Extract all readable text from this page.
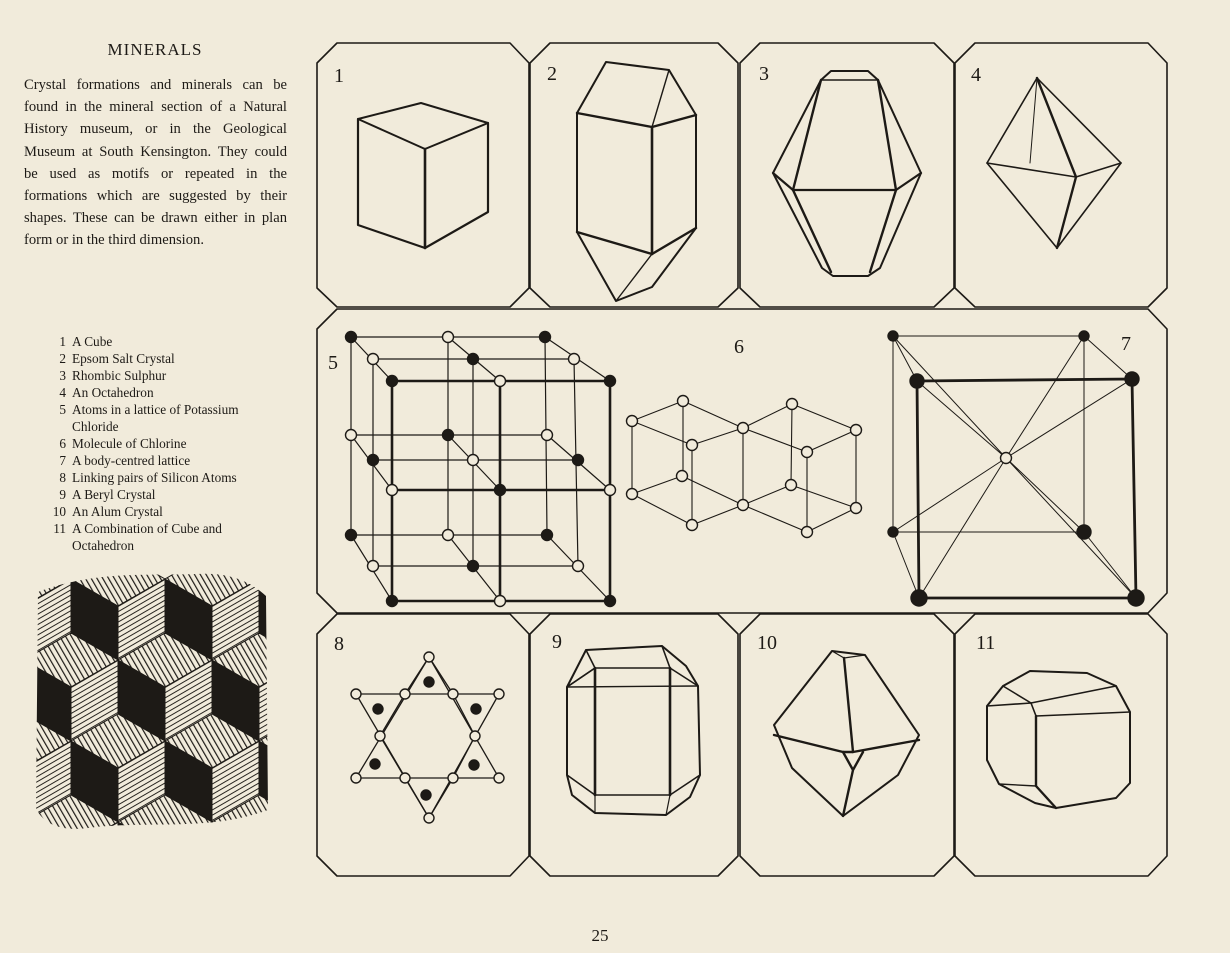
MINERALS
Crystal formations and minerals can be found in the mineral section of a Natural History museum, or in the Geological Museum at South Kensington. They could be used as motifs or repeated in the formations which are suggested by their shapes. These can be drawn either in plan form or in the third dimension.
1 A Cube
2 Epsom Salt Crystal
3 Rhombic Sulphur
4 An Octahedron
5 Atoms in a lattice of Potassium Chloride
6 Molecule of Chlorine
7 A body-centred lattice
8 Linking pairs of Silicon Atoms
9 A Beryl Crystal
10 An Alum Crystal
11 A Combination of Cube and Octahedron
1	2	3	4
5
6	7
8	9	10	11
25
